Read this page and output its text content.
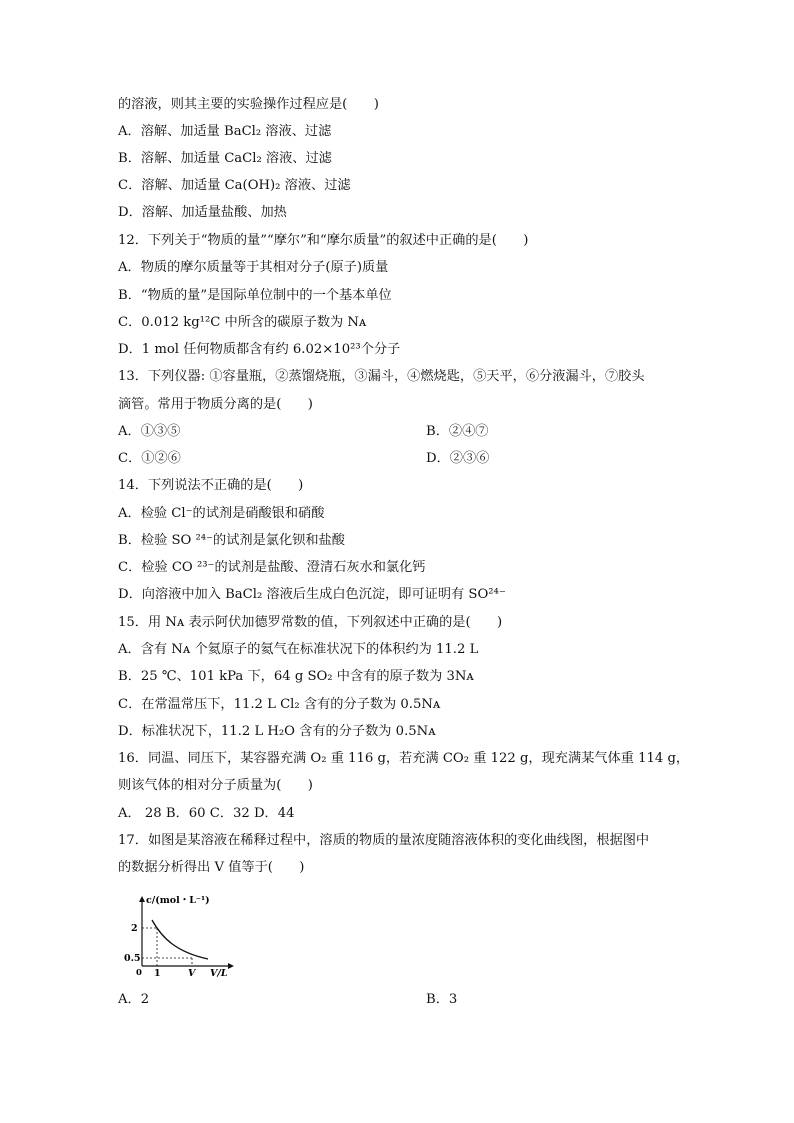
的溶液，则其主要的实验操作过程应是(　　)
A．溶解、加适量 BaCl₂ 溶液、过滤
B．溶解、加适量 CaCl₂ 溶液、过滤
C．溶解、加适量 Ca(OH)₂ 溶液、过滤
D．溶解、加适量盐酸、加热
12．下列关于“物质的量”“摩尔”和“摩尔质量”的叙述中正确的是(　　)
A．物质的摩尔质量等于其相对分子(原子)质量
B．“物质的量”是国际单位制中的一个基本单位
C．0.012 kg¹²C 中所含的碳原子数为 Nᴀ
D．1 mol 任何物质都含有约 6.02×10²³个分子
13．下列仪器: ①容量瓶，②蒸馏烧瓶，③漏斗，④燃烧匙，⑤天平，⑥分液漏斗，⑦胶头
滴管。常用于物质分离的是(　　)
A．①③⑤	B．②④⑦
C．①②⑥	D．②③⑥
14．下列说法不正确的是(　　)
A．检验 Cl⁻的试剂是硝酸银和硝酸
B．检验 SO ²⁴⁻的试剂是氯化钡和盐酸
C．检验 CO ²³⁻的试剂是盐酸、澄清石灰水和氯化钙
D．向溶液中加入 BaCl₂ 溶液后生成白色沉淀，即可证明有 SO²⁴⁻
15．用 Nᴀ 表示阿伏加德罗常数的值，下列叙述中正确的是(　　)
A．含有 Nᴀ 个氦原子的氦气在标准状况下的体积约为 11.2 L
B．25 ℃、101 kPa 下，64 g SO₂ 中含有的原子数为 3Nᴀ
C．在常温常压下，11.2 L Cl₂ 含有的分子数为 0.5Nᴀ
D．标准状况下，11.2 L H₂O 含有的分子数为 0.5Nᴀ
16．同温、同压下，某容器充满 O₂ 重 116 g，若充满 CO₂ 重 122 g，现充满某气体重 114 g，
则该气体的相对分子质量为(　　)
A． 28 B．60 C．32 D．44
17．如图是某溶液在稀释过程中，溶质的物质的量浓度随溶液体积的变化曲线图，根据图中
的数据分析得出 V 值等于(　　)
c/(mol・L⁻¹)
2
0.5
0 1	V V/L
A．2	B．3
